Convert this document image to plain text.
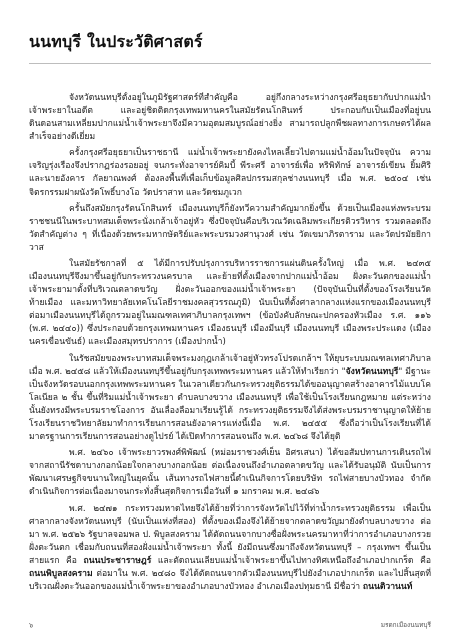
นนทบุรี ในประวัติศาสตร์

จังหวัดนนทบุรีตั้งอยู่ในภูมิรัฐศาสตร์ที่สำคัญคือ อยู่กึ่งกลางระหว่างกรุงศรีอยุธยากับปากแม่น้ำเจ้าพระยาในอดีต และอยู่ชิดติดกรุงเทพมหานครในสมัยรัตนโกสินทร์ ประกอบกับเป็นเมืองที่อยู่บนดินดอนสามเหลี่ยมปากแม่น้ำเจ้าพระยาจึงมีความอุดมสมบูรณ์อย่างยิ่ง สามารถปลูกพืชผลทางการเกษตรได้ผลสำเร็จอย่างดีเยี่ยม

ครั้งกรุงศรีอยุธยาเป็นราชธานี แม่น้ำเจ้าพระยายังคงไหลเลี้ยวไปตามแม่น้ำอ้อมในปัจจุบัน ความเจริญรุ่งเรืองจึงปรากฏร่องรอยอยู่ จนกระทั่งอาจารย์คิมบี้ พีระศรี อาจารย์เพื่อ หริพิทักษ์ อาจารย์เขียน ยิ้มศิริ และนายอังคาร กัลยาณพงศ์ ต้องลงพื้นที่เพื่อเก็บข้อมูลศิลปกรรมสกุลช่างนนทบุรี เมื่อ พ.ศ. ๒๕๐๔ เช่น จิตรกรรมฝาผนังวัดโพธิ์บางโอ วัดปราสาท และวัดชมภูเวก

ครั้นถึงสมัยกรุงรัตนโกสินทร์ เมืองนนทบุรีก็ยังทวีความสำคัญมากยิ่งขึ้น ด้วยเป็นเมืองแห่งพระบรมราชชนนีในพระบาทสมเด็จพระนั่งเกล้าเจ้าอยู่หัว ซึ่งปัจจุบันคือบริเวณวัดเฉลิมพระเกียรติวรวิหาร รวมตลอดถึงวัดสำคัญต่าง ๆ ที่เนื่องด้วยพระมหากษัตริย์และพระบรมวงศานุวงศ์ เช่น วัดเขมาภิรตาราม และวัดปรมัยยิกาวาส

ในสมัยรัชกาลที่ ๕ ได้มีการปรับปรุงการบริหารราชการแผ่นดินครั้งใหญ่ เมื่อ พ.ศ. ๒๔๓๕ เมืองนนทบุรีจึงมาขึ้นอยู่กับกระทรวงนครบาล และย้ายที่ตั้งเมืองจากปากแม่น้ำอ้อม ฝั่งตะวันตกของแม่น้ำเจ้าพระยามาตั้งที่บริเวณตลาดขวัญ ฝั่งตะวันออกของแม่น้ำเจ้าพระยา (ปัจจุบันเป็นที่ตั้งของโรงเรียนวัดท้ายเมือง และมหาวิทยาลัยเทคโนโลยีราชมงคลสุวรรณภูมิ) นับเป็นที่ตั้งศาลากลางแห่งแรกของเมืองนนทบุรี ต่อมาเมืองนนทบุรีได้ถูกรวมอยู่ในมณฑลเทศาภิบาลกรุงเทพฯ (ข้อบังคับลักษณะปกครองหัวเมือง ร.ศ. ๑๑๖ (พ.ศ. ๒๔๔๐)) ซึ่งประกอบด้วยกรุงเทพมหานคร เมืองธนบุรี เมืองมีนบุรี เมืองนนทบุรี เมืองพระประแดง (เมืองนครเขื่อนขันธ์) และเมืองสมุทรปราการ (เมืองปากน้ำ)

ในรัชสมัยของพระบาทสมเด็จพระมงกุฎเกล้าเจ้าอยู่หัวทรงโปรดเกล้าฯ ให้ยุบระบบมณฑลเทศาภิบาล เมื่อ พ.ศ. ๒๔๕๘ แล้วให้เมืองนนทบุรีขึ้นอยู่กับกรุงเทพพระมหานคร แล้วให้ทำเรียกว่า "จังหวัดนนทบุรี" มีฐานะเป็นจังหวัดรอบนอกกรุงเทพพระมหานคร ในเวลาเดียวกันกระทรวงยุติธรรมได้ขออนุญาตสร้างอาคารไม้แบบโคโลเนียล ๒ ชั้น ขึ้นที่ริมแม่น้ำเจ้าพระยา ตำบลบางขวาง เมืองนนทบุรี เพื่อใช้เป็นโรงเรียนกฎหมาย แต่ระหว่างนั้นยังทรงมีพระบรมราชโองการ อันเลื่องลือมาเรียนรู้ได้ กระทรวงยุติธรรมจึงได้ส่งพระบรมราชานุญาตให้ย้ายโรงเรียนราชวิทยาลัยมาทำการเรียนการสอนยังอาคารแห่งนี้เมื่อ พ.ศ. ๒๔๕๕ ซึ่งถือว่าเป็นโรงเรียนที่ได้มาตรฐานการเรียนการสอนอย่างดูไปรย์ ได้เปิดทำการสอนจนถึง พ.ศ. ๒๔๖๘ จึงได้ยุติ

พ.ศ. ๒๔๖๐ เจ้าพระยาวรพงศ์พิพัฒน์ (หม่อมราชวงศ์เย็น อิศรเสนา) ได้ขอสัมปทานการเดินรถไฟจากสถานีรัชดาบางกอกน้อยใจกลางบางกอกน้อย ต่อเนื่องจนถึงอำเภอตลาดขวัญ และได้รับอนุมัติ นับเป็นการพัฒนาเศรษฐกิจขนานใหญ่ในยุคนั้น เส้นทางรถไฟสายนี้ดำเนินกิจการโดยบริษัท รถไฟสายบางบัวทอง จำกัด ดำเนินกิจการต่อเนื่องมาจนกระทั่งสิ้นสุดกิจการเมื่อวันที่ ๑ มกราคม พ.ศ. ๒๔๘๖

พ.ศ. ๒๔๗๑ กระทรวงมหาดไทยจึงได้ย้ายที่ว่าการจังหวัดไปไว้ที่ท่าน้ำกระทรวงยุติธรรม เพื่อเป็นศาลากลางจังหวัดนนทบุรี (นับเป็นแห่งที่สอง) ที่ตั้งของเมืองจึงได้ย้ายจากตลาดขวัญมายังตำบลบางขวาง ต่อมา พ.ศ. ๒๕๒๖ รัฐบาลจอมพล ป. พิบูลสงคราม ได้ตัดถนนจากบางซื่อฝั่งพระนครมาหาที่ว่าการอำเภอบางกรวยฝั่งตะวันตก เชื่อมกับถนนที่สองฝั่งแม่น้ำเจ้าพระยา ทั้งนี้ ยังมีถนนซึ่งมาถึงจังหวัดนนทบุรี – กรุงเทพฯ ขึ้นเป็นสายแรก คือ ถนนประชาราษฎร์ และตัดถนนเลียบแม่น้ำเจ้าพระยาขึ้นไปทางทิศเหนือถึงอำเภอปากเกร็ด คือ ถนนพิบูลสงคราม ต่อมาใน พ.ศ. ๒๔๘๐ จึงได้ตัดถนนจากตัวเมืองนนทบุรีไปยังอำเภอปากเกร็ด และไปสิ้นสุดที่บริเวณฝั่งตะวันออกของแม่น้ำเจ้าพระยาของอำเภอบางบัวทอง อำเภอเมืองปทุมธานี มีชื่อว่า ถนนติวานนท์

๖	มรดกเมืองนนทบุรี
